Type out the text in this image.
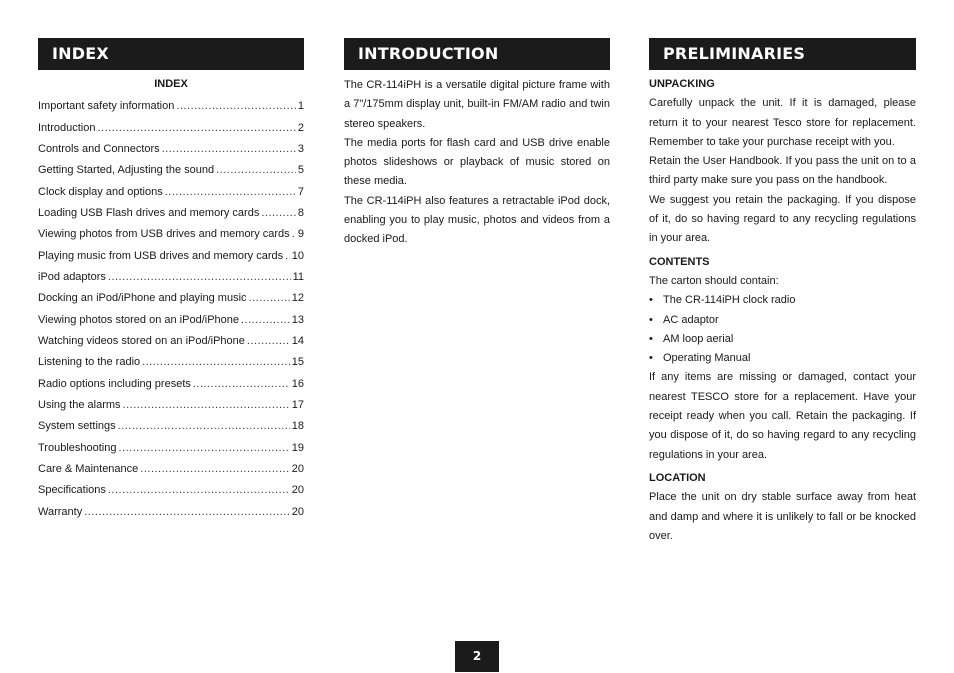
INDEX
INDEX
Important safety information .....	1
Introduction .....	2
Controls and Connectors .....	3
Getting Started, Adjusting the sound .....	5
Clock display and options .....	7
Loading USB Flash drives and memory cards .....	8
Viewing photos from USB drives and memory cards ..... 9
Playing music from USB drives and memory cards ..... 10
iPod adaptors .....	11
Docking an iPod/iPhone and playing music .....	12
Viewing photos stored on an iPod/iPhone .....	13
Watching videos stored on an iPod/iPhone .....	14
Listening to the radio .....	15
Radio options including presets .....	16
Using the alarms .....	17
System settings .....	18
Troubleshooting .....	19
Care & Maintenance .....	20
Specifications .....	20
Warranty .....	20
INTRODUCTION

The CR-114iPH is a versatile digital picture frame with a 7"/175mm display unit, built-in FM/AM radio and twin stereo speakers.

The media ports for flash card and USB drive enable photos slideshows or playback of music stored on these media.

The CR-114iPH also features a retractable iPod dock, enabling you to play music, photos and videos from a docked iPod.

PRELIMINARIES
UNPACKING

Carefully unpack the unit. If it is damaged, please return it to your nearest Tesco store for replacement. Remember to take your purchase receipt with you.

Retain the User Handbook. If you pass the unit on to a third party make sure you pass on the handbook.

We suggest you retain the packaging. If you dispose of it, do so having regard to any recycling regulations in your area.

CONTENTS

The carton should contain:

• The CR-114iPH clock radio
• AC adaptor
• AM loop aerial
• Operating Manual

If any items are missing or damaged, contact your nearest TESCO store for a replacement. Have your receipt ready when you call. Retain the packaging. If you dispose of it, do so having regard to any recycling regulations in your area.

LOCATION

Place the unit on dry stable surface away from heat and damp and where it is unlikely to fall or be knocked over.

2
